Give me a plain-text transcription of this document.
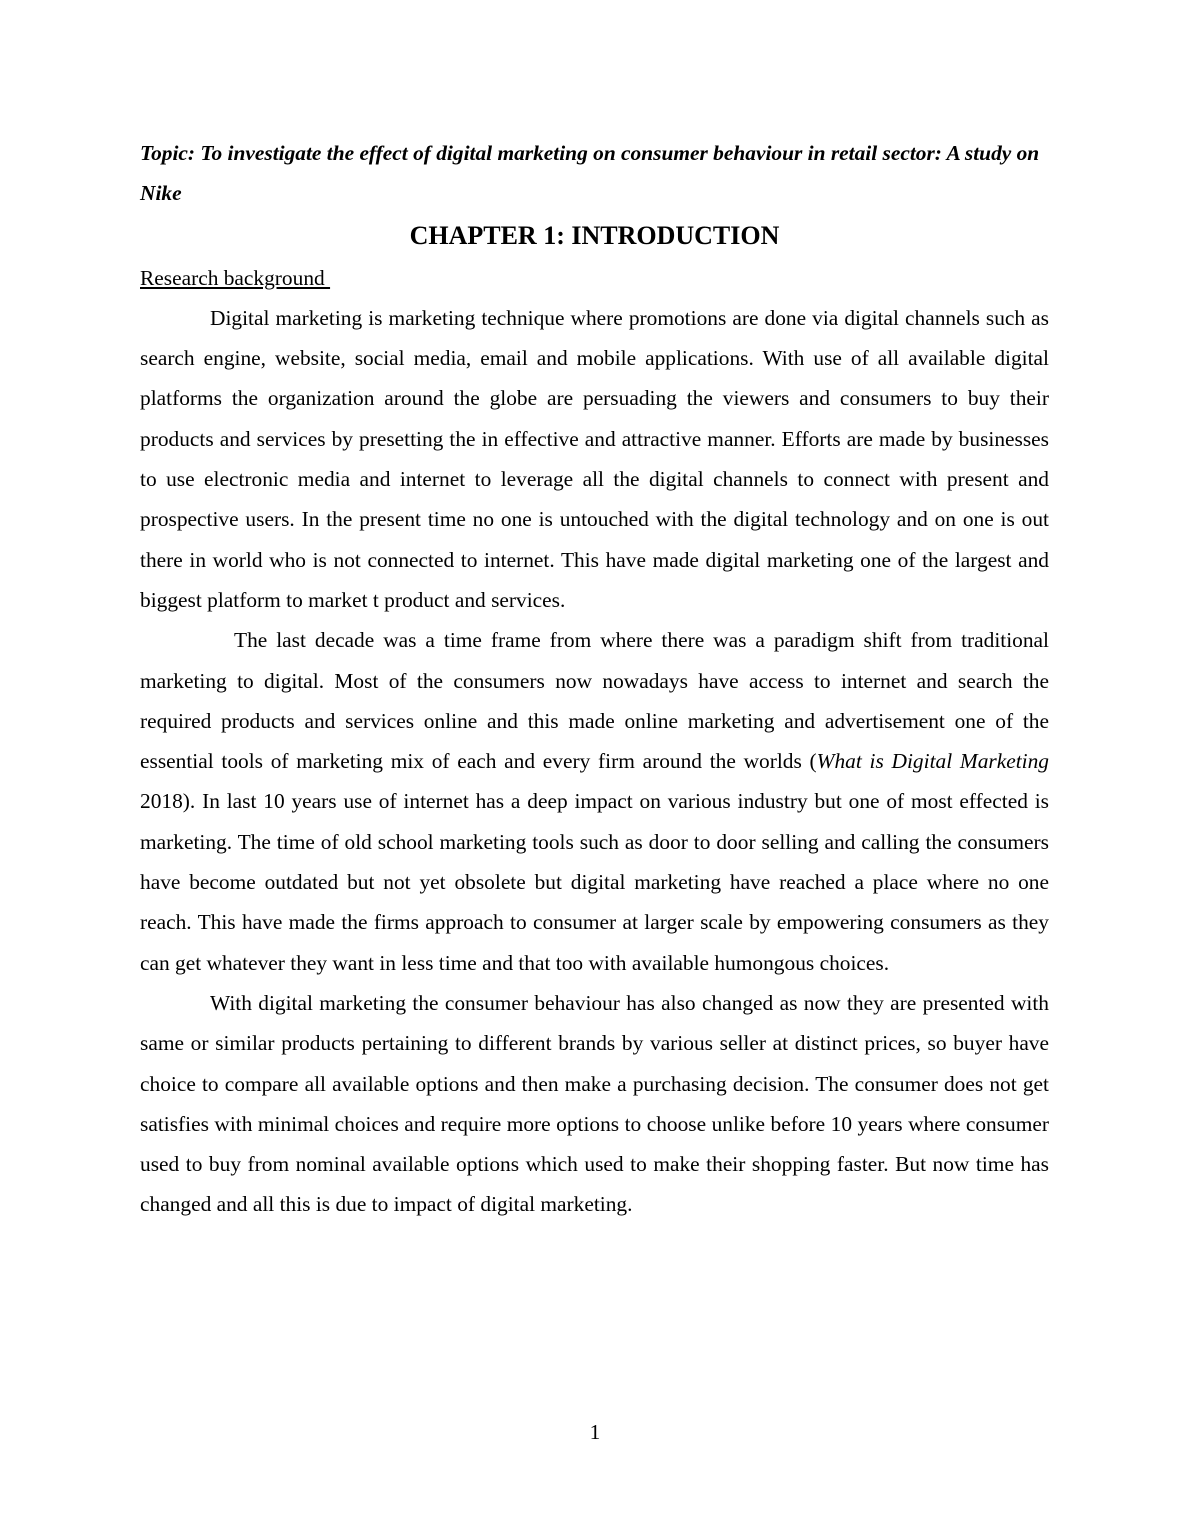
Topic: To investigate the effect of digital marketing on consumer behaviour in retail sector: A study on Nike

CHAPTER 1: INTRODUCTION

Research background

Digital marketing is marketing technique where promotions are done via digital channels such as search engine, website, social media, email and mobile applications. With use of all available digital platforms the organization around the globe are persuading the viewers and consumers to buy their products and services by presetting the in effective and attractive manner. Efforts are made by businesses to use electronic media and internet to leverage all the digital channels to connect with present and prospective users. In the present time no one is untouched with the digital technology and on one is out there in world who is not connected to internet. This have made digital marketing one of the largest and biggest platform to market t product and services.

The last decade was a time frame from where there was a paradigm shift from traditional marketing to digital. Most of the consumers now nowadays have access to internet and search the required products and services online and this made online marketing and advertisement one of the essential tools of marketing mix of each and every firm around the worlds (What is Digital Marketing 2018). In last 10 years use of internet has a deep impact on various industry but one of most effected is marketing. The time of old school marketing tools such as door to door selling and calling the consumers have become outdated but not yet obsolete but digital marketing have reached a place where no one reach. This have made the firms approach to consumer at larger scale by empowering consumers as they can get whatever they want in less time and that too with available humongous choices.

With digital marketing the consumer behaviour has also changed as now they are presented with same or similar products pertaining to different brands by various seller at distinct prices, so buyer have choice to compare all available options and then make a purchasing decision. The consumer does not get satisfies with minimal choices and require more options to choose unlike before 10 years where consumer used to buy from nominal available options which used to make their shopping faster. But now time has changed and all this is due to impact of digital marketing.

1
